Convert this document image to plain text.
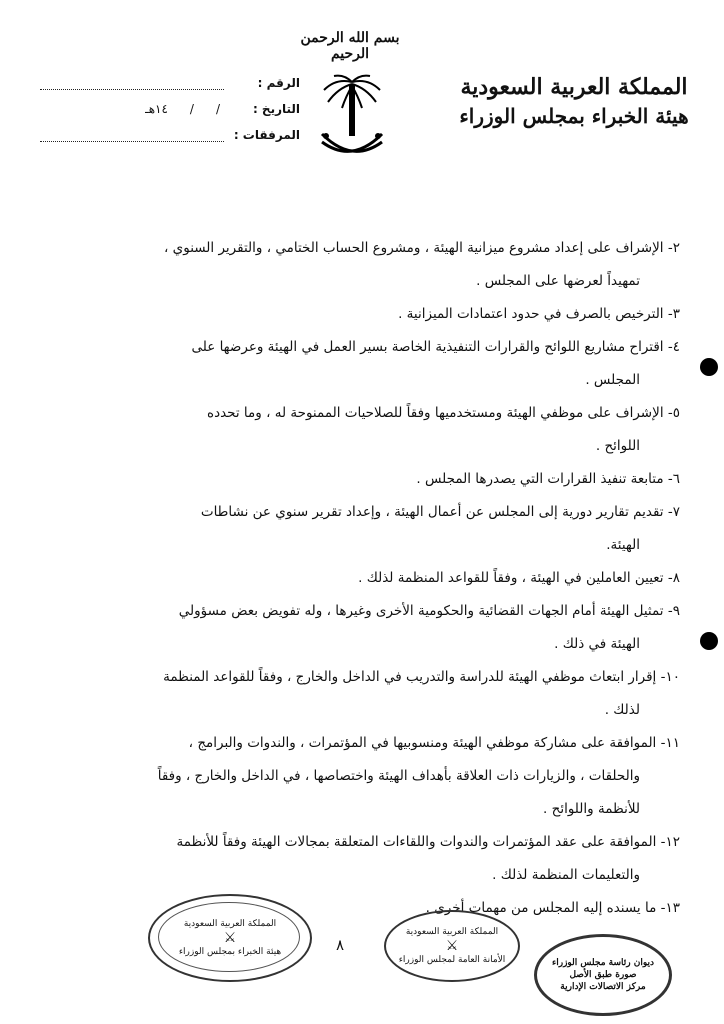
بسم الله الرحمن الرحيم
المملكة العربية السعودية
هيئة الخبراء بمجلس الوزراء
الرقم :
التاريخ :
/
/
١٤هـ
المرفقات :
٢- الإشراف على إعداد مشروع ميزانية الهيئة ، ومشروع الحساب الختامي ، والتقرير السنوي ،
تمهيداً لعرضها على المجلس .
٣- الترخيص بالصرف في حدود اعتمادات الميزانية .
٤- اقتراح مشاريع اللوائح والقرارات التنفيذية الخاصة بسير العمل في الهيئة وعرضها على
المجلس .
٥- الإشراف على موظفي الهيئة ومستخدميها وفقاً للصلاحيات الممنوحة له ، وما تحدده
اللوائح .
٦- متابعة تنفيذ القرارات التي يصدرها المجلس .
٧- تقديم تقارير دورية إلى المجلس عن أعمال الهيئة ، وإعداد تقرير سنوي عن نشاطات
الهيئة.
٨- تعيين العاملين في الهيئة ، وفقاً للقواعد المنظمة لذلك .
٩- تمثيل الهيئة أمام الجهات القضائية والحكومية الأخرى وغيرها ، وله تفويض بعض مسؤولي
الهيئة في ذلك .
١٠- إقرار ابتعاث موظفي الهيئة للدراسة والتدريب في الداخل والخارج ، وفقاً للقواعد المنظمة
لذلك .
١١- الموافقة على مشاركة موظفي الهيئة ومنسوبيها في المؤتمرات ، والندوات والبرامج ،
والحلقات ، والزيارات ذات العلاقة بأهداف الهيئة واختصاصها ، في الداخل والخارج ، وفقاً
للأنظمة واللوائح .
١٢- الموافقة على عقد المؤتمرات والندوات واللقاءات المتعلقة بمجالات الهيئة وفقاً للأنظمة
والتعليمات المنظمة لذلك .
١٣- ما يسنده إليه المجلس من مهمات أخرى .
٨
المملكة العربية السعودية
⚔
هيئة الخبراء بمجلس الوزراء
المملكة العربية السعودية
⚔
الأمانة العامة لمجلس الوزراء	ديوان رئاسة مجلس الوزراء
صورة طبق الأصل
مركز الاتصالات الإدارية
